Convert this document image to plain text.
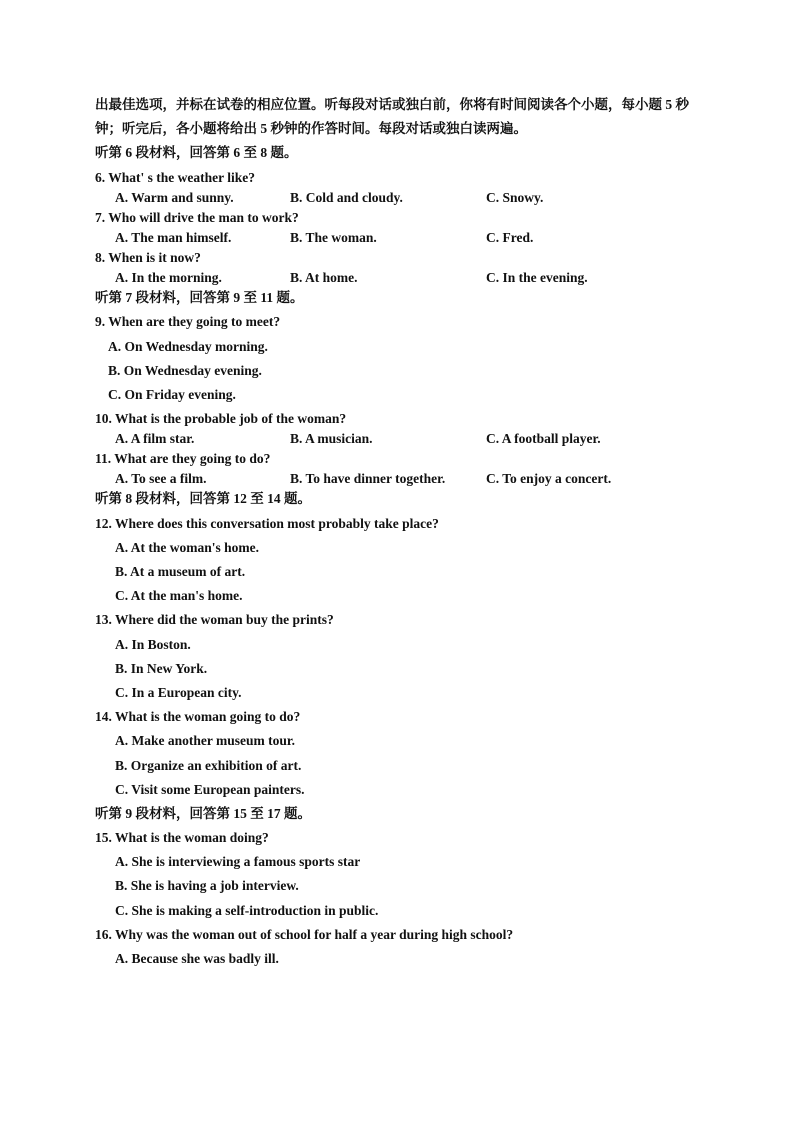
出最佳选项，并标在试卷的相应位置。听每段对话或独白前，你将有时间阅读各个小题，每小题 5 秒钟；听完后，各小题将给出 5 秒钟的作答时间。每段对话或独白读两遍。
听第 6 段材料，回答第 6 至 8 题。
6. What' s the weather like?
A. Warm and sunny.	B. Cold and cloudy.	C. Snowy.
7. Who will drive the man to work?
A. The man himself.	B. The woman.	C. Fred.
8. When is it now?
A. In the morning.	B. At home.	C. In the evening.
听第 7 段材料，回答第 9 至 11 题。
9. When are they going to meet?
A. On Wednesday morning.
B. On Wednesday evening.
C. On Friday evening.
10. What is the probable job of the woman?
A. A film star.	B. A musician.	C. A football player.
11. What are they going to do?
A. To see a film.	B. To have dinner together.	C. To enjoy a concert.
听第 8 段材料，回答第 12 至 14 题。
12. Where does this conversation most probably take place?
A. At the woman's home.
B. At a museum of art.
C. At the man's home.
13. Where did the woman buy the prints?
A. In Boston.
B. In New York.
C. In a European city.
14. What is the woman going to do?
A. Make another museum tour.
B. Organize an exhibition of art.
C. Visit some European painters.
听第 9 段材料，回答第 15 至 17 题。
15. What is the woman doing?
A. She is interviewing a famous sports star
B. She is having a job interview.
C. She is making a self-introduction in public.
16. Why was the woman out of school for half a year during high school?
A. Because she was badly ill.
